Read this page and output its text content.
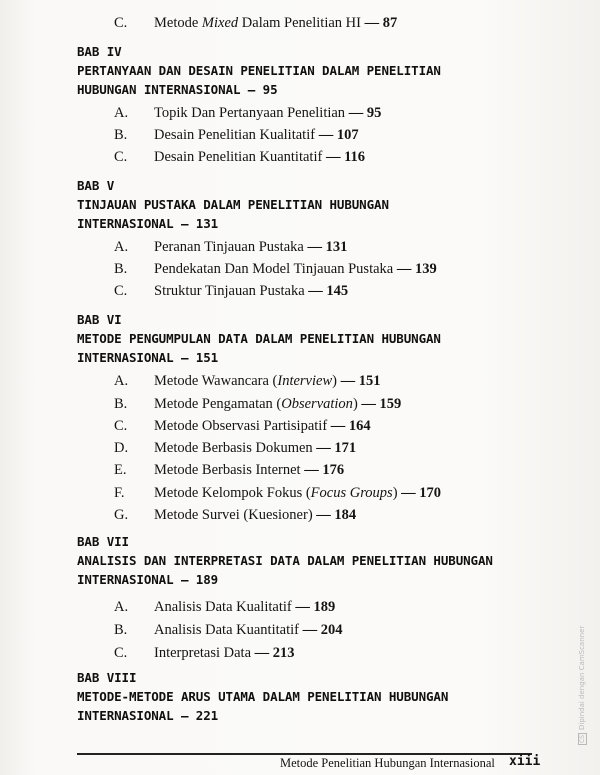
C. Metode Mixed Dalam Penelitian HI — 87
BAB IV
PERTANYAAN DAN DESAIN PENELITIAN DALAM PENELITIAN
HUBUNGAN INTERNASIONAL — 95
A. Topik Dan Pertanyaan Penelitian — 95
B. Desain Penelitian Kualitatif — 107
C. Desain Penelitian Kuantitatif — 116
BAB V
TINJAUAN PUSTAKA DALAM PENELITIAN HUBUNGAN
INTERNASIONAL — 131
A. Peranan Tinjauan Pustaka — 131
B. Pendekatan Dan Model Tinjauan Pustaka — 139
C. Struktur Tinjauan Pustaka — 145
BAB VI
METODE PENGUMPULAN DATA DALAM PENELITIAN HUBUNGAN
INTERNASIONAL — 151
A. Metode Wawancara (Interview) — 151
B. Metode Pengamatan (Observation) — 159
C. Metode Observasi Partisipatif — 164
D. Metode Berbasis Dokumen — 171
E. Metode Berbasis Internet — 176
F. Metode Kelompok Fokus (Focus Groups) — 170
G. Metode Survei (Kuesioner) — 184
BAB VII
ANALISIS DAN INTERPRETASI DATA DALAM PENELITIAN HUBUNGAN
INTERNASIONAL — 189
A. Analisis Data Kualitatif — 189
B. Analisis Data Kuantitatif — 204
C. Interpretasi Data — 213
BAB VIII
METODE-METODE ARUS UTAMA DALAM PENELITIAN HUBUNGAN
INTERNASIONAL — 221
Metode Penelitian Hubungan Internasional xiii
CSDipindai dengan CamScanner
